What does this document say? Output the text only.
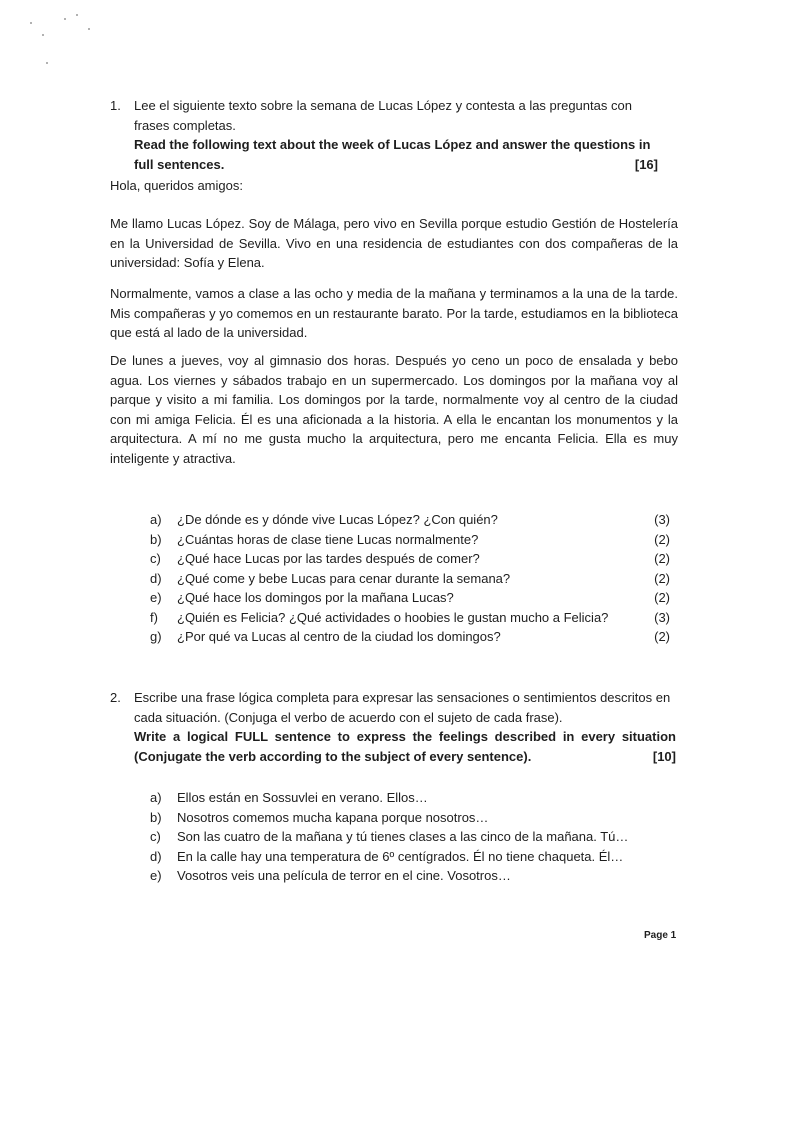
1. Lee el siguiente texto sobre la semana de Lucas López y contesta a las preguntas con frases completas.
Read the following text about the week of Lucas López and answer the questions in full sentences.	[16]
Hola, queridos amigos:
Me llamo Lucas López. Soy de Málaga, pero vivo en Sevilla porque estudio Gestión de Hostelería en la Universidad de Sevilla. Vivo en una residencia de estudiantes con dos compañeras de la universidad: Sofía y Elena.
Normalmente, vamos a clase a las ocho y media de la mañana y terminamos a la una de la tarde. Mis compañeras y yo comemos en un restaurante barato. Por la tarde, estudiamos en la biblioteca que está al lado de la universidad.
De lunes a jueves, voy al gimnasio dos horas. Después yo ceno un poco de ensalada y bebo agua. Los viernes y sábados trabajo en un supermercado. Los domingos por la mañana voy al parque y visito a mi familia. Los domingos por la tarde, normalmente voy al centro de la ciudad con mi amiga Felicia. Él es una aficionada a la historia. A ella le encantan los monumentos y la arquitectura. A mí no me gusta mucho la arquitectura, pero me encanta Felicia. Ella es muy inteligente y atractiva.
a) ¿De dónde es y dónde vive Lucas López? ¿Con quién?	(3)
b) ¿Cuántas horas de clase tiene Lucas normalmente?	(2)
c) ¿Qué hace Lucas por las tardes después de comer?	(2)
d) ¿Qué come y bebe Lucas para cenar durante la semana?	(2)
e) ¿Qué hace los domingos por la mañana Lucas?	(2)
f) ¿Quién es Felicia? ¿Qué actividades o hoobies le gustan mucho a Felicia?	(3)
g) ¿Por qué va Lucas al centro de la ciudad los domingos?	(2)
2. Escribe una frase lógica completa para expresar las sensaciones o sentimientos descritos en cada situación. (Conjuga el verbo de acuerdo con el sujeto de cada frase).
Write a logical FULL sentence to express the feelings described in every situation (Conjugate the verb according to the subject of every sentence).	[10]
a) Ellos están en Sossuvlei en verano. Ellos…
b) Nosotros comemos mucha kapana porque nosotros…
c) Son las cuatro de la mañana y tú tienes clases a las cinco de la mañana. Tú…
d) En la calle hay una temperatura de 6º centígrados. Él no tiene chaqueta. Él…
e) Vosotros veis una película de terror en el cine. Vosotros…
Page 1
